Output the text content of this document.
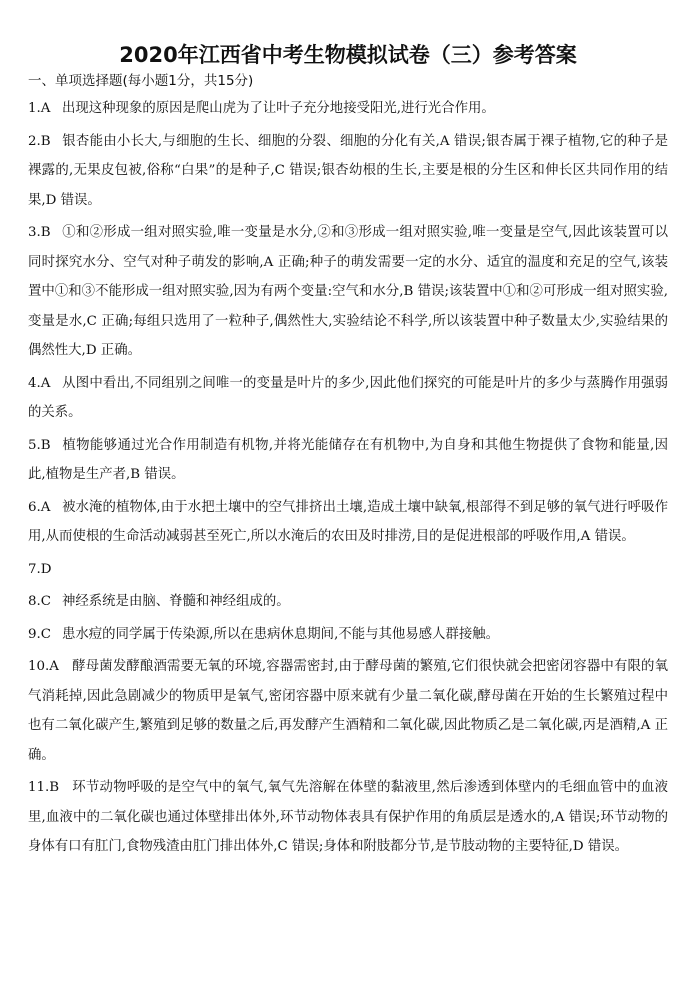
2020年江西省中考生物模拟试卷（三）参考答案

一、单项选择题(每小题1分，共15分)

1.A 出现这种现象的原因是爬山虎为了让叶子充分地接受阳光,进行光合作用。

2.B 银杏能由小长大,与细胞的生长、细胞的分裂、细胞的分化有关,A 错误;银杏属于裸子植物,它的种子是裸露的,无果皮包被,俗称“白果”的是种子,C 错误;银杏幼根的生长,主要是根的分生区和伸长区共同作用的结果,D 错误。

3.B ①和②形成一组对照实验,唯一变量是水分,②和③形成一组对照实验,唯一变量是空气,因此该装置可以同时探究水分、空气对种子萌发的影响,A 正确;种子的萌发需要一定的水分、适宜的温度和充足的空气,该装置中①和③不能形成一组对照实验,因为有两个变量:空气和水分,B 错误;该装置中①和②可形成一组对照实验,变量是水,C 正确;每组只选用了一粒种子,偶然性大,实验结论不科学,所以该装置中种子数量太少,实验结果的偶然性大,D 正确。

4.A 从图中看出,不同组别之间唯一的变量是叶片的多少,因此他们探究的可能是叶片的多少与蒸腾作用强弱的关系。

5.B 植物能够通过光合作用制造有机物,并将光能储存在有机物中,为自身和其他生物提供了食物和能量,因此,植物是生产者,B 错误。

6.A 被水淹的植物体,由于水把土壤中的空气排挤出土壤,造成土壤中缺氧,根部得不到足够的氧气进行呼吸作用,从而使根的生命活动减弱甚至死亡,所以水淹后的农田及时排涝,目的是促进根部的呼吸作用,A 错误。

7.D

8.C 神经系统是由脑、脊髓和神经组成的。

9.C 患水痘的同学属于传染源,所以在患病休息期间,不能与其他易感人群接触。

10.A 酵母菌发酵酿酒需要无氧的环境,容器需密封,由于酵母菌的繁殖,它们很快就会把密闭容器中有限的氧气消耗掉,因此急剧减少的物质甲是氧气,密闭容器中原来就有少量二氧化碳,酵母菌在开始的生长繁殖过程中也有二氧化碳产生,繁殖到足够的数量之后,再发酵产生酒精和二氧化碳,因此物质乙是二氧化碳,丙是酒精,A 正确。

11.B 环节动物呼吸的是空气中的氧气,氧气先溶解在体壁的黏液里,然后渗透到体壁内的毛细血管中的血液里,血液中的二氧化碳也通过体壁排出体外,环节动物体表具有保护作用的角质层是透水的,A 错误;环节动物的身体有口有肛门,食物残渣由肛门排出体外,C 错误;身体和附肢都分节,是节肢动物的主要特征,D 错误。
